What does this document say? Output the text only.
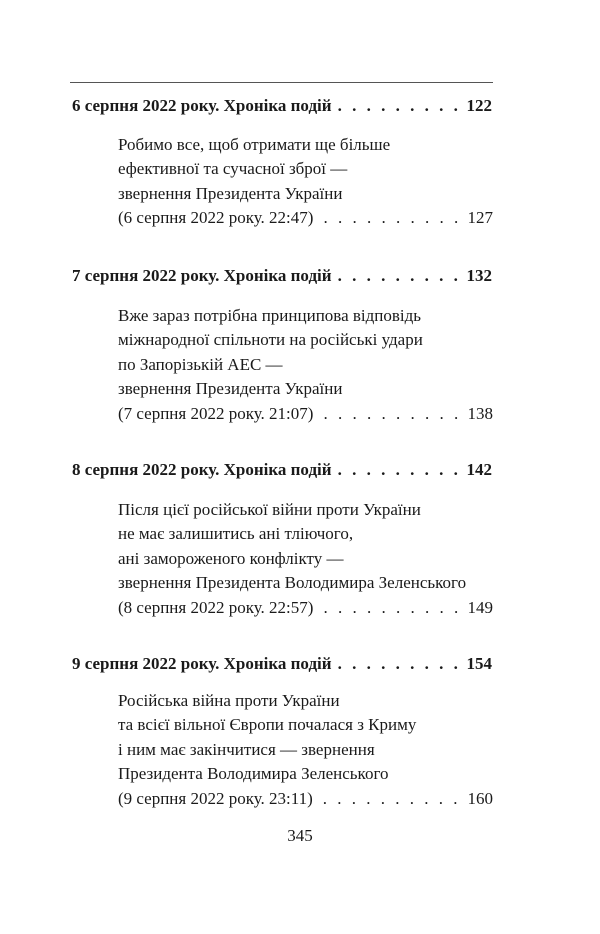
6 серпня 2022 року. Хроніка подій . . .	122
Робимо все, щоб отримати ще більше
ефективної та сучасної зброї —
звернення Президента України
(6 серпня 2022 року. 22:47) . . .	127
7 серпня 2022 року. Хроніка подій . . .	132
Вже зараз потрібна принципова відповідь
міжнародної спільноти на російські удари
по Запорізькій АЕС —
звернення Президента України
(7 серпня 2022 року. 21:07) . . .	138
8 серпня 2022 року. Хроніка подій . . .	142
Після цієї російської війни проти України
не має залишитись ані тліючого,
ані замороженого конфлікту —
звернення Президента Володимира Зеленського
(8 серпня 2022 року. 22:57) . . .	149
9 серпня 2022 року. Хроніка подій . . .	154
Російська війна проти України
та всієї вільної Європи почалася з Криму
і ним має закінчитися — звернення
Президента Володимира Зеленського
(9 серпня 2022 року. 23:11) . . .	160
345
